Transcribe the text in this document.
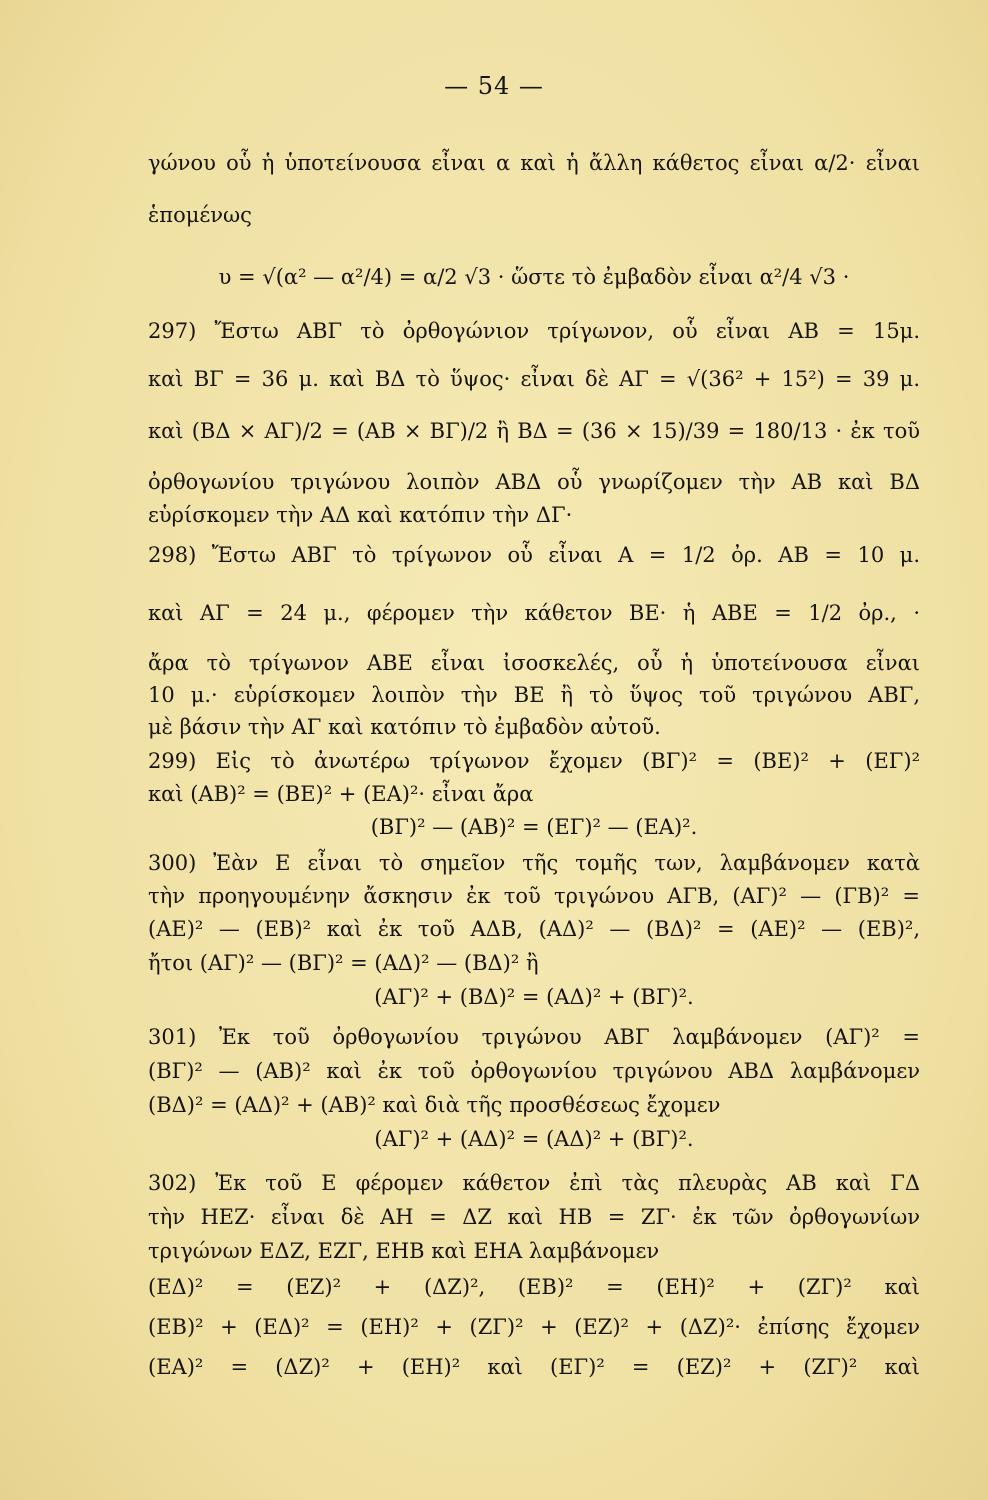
— 54 —
γώνου οὗ ἡ ὑποτείνουσα εἶναι α καὶ ἡ ἄλλη κάθετος εἶναι α/2· εἶναι
ἑπομένως
υ = √(α² — α²/4) = α/2 √3 · ὥστε τὸ ἐμβαδὸν εἶναι α²/4 √3 ·
297) Ἔστω ΑΒΓ τὸ ὀρθογώνιον τρίγωνον, οὗ εἶναι ΑΒ = 15μ.
καὶ ΒΓ = 36 μ. καὶ ΒΔ τὸ ὕψος· εἶναι δὲ ΑΓ = √(36² + 15²) = 39 μ.
καὶ (ΒΔ × ΑΓ)/2 = (ΑΒ × ΒΓ)/2 ἢ ΒΔ = (36 × 15)/39 = 180/13 · ἐκ τοῦ
ὀρθογωνίου τριγώνου λοιπὸν ΑΒΔ οὗ γνωρίζομεν τὴν ΑΒ καὶ ΒΔ
εὑρίσκομεν τὴν ΑΔ καὶ κατόπιν τὴν ΔΓ·
298) Ἔστω ΑΒΓ τὸ τρίγωνον οὗ εἶναι Α = 1/2 ὀρ. ΑΒ = 10 μ.
καὶ ΑΓ = 24 μ., φέρομεν τὴν κάθετον ΒΕ· ἡ ΑΒΕ = 1/2 ὀρ., ·
ἄρα τὸ τρίγωνον ΑΒΕ εἶναι ἰσοσκελές, οὗ ἡ ὑποτείνουσα εἶναι
10 μ.· εὑρίσκομεν λοιπὸν τὴν ΒΕ ἢ τὸ ὕψος τοῦ τριγώνου ΑΒΓ,
μὲ βάσιν τὴν ΑΓ καὶ κατόπιν τὸ ἐμβαδὸν αὐτοῦ.
299) Εἰς τὸ ἀνωτέρω τρίγωνον ἔχομεν (ΒΓ)² = (ΒΕ)² + (ΕΓ)²
καὶ (ΑΒ)² = (ΒΕ)² + (ΕΑ)²· εἶναι ἄρα
(ΒΓ)² — (ΑΒ)² = (ΕΓ)² — (ΕΑ)².
300) Ἐὰν Ε εἶναι τὸ σημεῖον τῆς τομῆς των, λαμβάνομεν κατὰ
τὴν προηγουμένην ἄσκησιν ἐκ τοῦ τριγώνου ΑΓΒ, (ΑΓ)² — (ΓΒ)² =
(ΑΕ)² — (ΕΒ)² καὶ ἐκ τοῦ ΑΔΒ, (ΑΔ)² — (ΒΔ)² = (ΑΕ)² — (ΕΒ)²,
ἤτοι (ΑΓ)² — (ΒΓ)² = (ΑΔ)² — (ΒΔ)² ἢ
(ΑΓ)² + (ΒΔ)² = (ΑΔ)² + (ΒΓ)².
301) Ἐκ τοῦ ὀρθογωνίου τριγώνου ΑΒΓ λαμβάνομεν (ΑΓ)² =
(ΒΓ)² — (ΑΒ)² καὶ ἐκ τοῦ ὀρθογωνίου τριγώνου ΑΒΔ λαμβάνομεν
(ΒΔ)² = (ΑΔ)² + (ΑΒ)² καὶ διὰ τῆς προσθέσεως ἔχομεν
(ΑΓ)² + (ΑΔ)² = (ΑΔ)² + (ΒΓ)².
302) Ἐκ τοῦ Ε φέρομεν κάθετον ἐπὶ τὰς πλευρὰς ΑΒ καὶ ΓΔ
τὴν ΗΕΖ· εἶναι δὲ ΑΗ = ΔΖ καὶ ΗΒ = ΖΓ· ἐκ τῶν ὀρθογωνίων
τριγώνων ΕΔΖ, ΕΖΓ, ΕΗΒ καὶ ΕΗΑ λαμβάνομεν
(ΕΔ)² = (ΕΖ)² + (ΔΖ)², (ΕΒ)² = (ΕΗ)² + (ΖΓ)² καὶ
(ΕΒ)² + (ΕΔ)² = (ΕΗ)² + (ΖΓ)² + (ΕΖ)² + (ΔΖ)²· ἐπίσης ἔχομεν
(ΕΑ)² = (ΔΖ)² + (ΕΗ)² καὶ (ΕΓ)² = (ΕΖ)² + (ΖΓ)² καὶ
